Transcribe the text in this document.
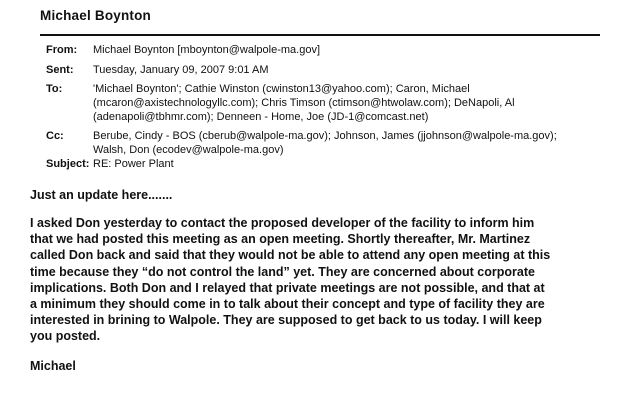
Michael Boynton
From: Michael Boynton [mboynton@walpole-ma.gov]
Sent: Tuesday, January 09, 2007 9:01 AM
To:	'Michael Boynton'; Cathie Winston (cwinston13@yahoo.com); Caron, Michael
(mcaron@axistechnologyllc.com); Chris Timson (ctimson@htwolaw.com); DeNapoli, Al
(adenapoli@tbhmr.com); Denneen - Home, Joe (JD-1@comcast.net)
Cc:	Berube, Cindy - BOS (cberub@walpole-ma.gov); Johnson, James (jjohnson@walpole-ma.gov);
Walsh, Don (ecodev@walpole-ma.gov)
Subject: RE: Power Plant
Just an update here.......
I asked Don yesterday to contact the proposed developer of the facility to inform him
that we had posted this meeting as an open meeting. Shortly thereafter, Mr. Martinez
called Don back and said that they would not be able to attend any open meeting at this
time because they “do not control the land” yet. They are concerned about corporate
implications. Both Don and I relayed that private meetings are not possible, and that at
a minimum they should come in to talk about their concept and type of facility they are
interested in brining to Walpole. They are supposed to get back to us today. I will keep
you posted.
Michael
